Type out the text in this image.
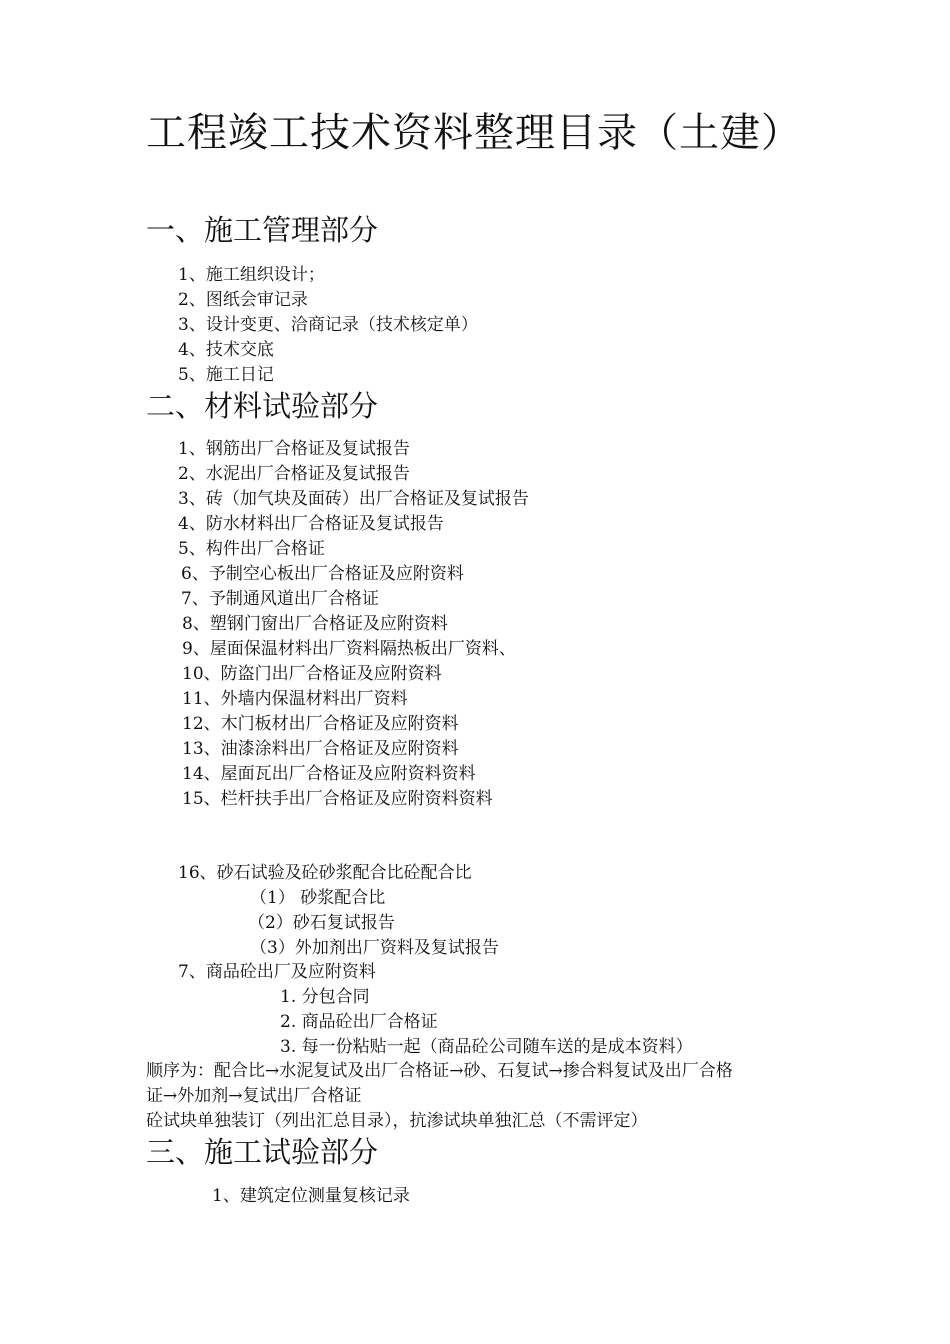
工程竣工技术资料整理目录（土建）
一、施工管理部分
1、施工组织设计；
2、图纸会审记录
3、设计变更、洽商记录（技术核定单）
4、技术交底
5、施工日记
二、材料试验部分
1、钢筋出厂合格证及复试报告
2、水泥出厂合格证及复试报告
3、砖（加气块及面砖）出厂合格证及复试报告
4、防水材料出厂合格证及复试报告
5、构件出厂合格证
6、予制空心板出厂合格证及应附资料
7、予制通风道出厂合格证
8、塑钢门窗出厂合格证及应附资料
9、屋面保温材料出厂资料隔热板出厂资料、
10、防盗门出厂合格证及应附资料
11、外墙内保温材料出厂资料
12、木门板材出厂合格证及应附资料
13、油漆涂料出厂合格证及应附资料
14、屋面瓦出厂合格证及应附资料资料
15、栏杆扶手出厂合格证及应附资料资料
16、砂石试验及砼砂浆配合比砼配合比
（1） 砂浆配合比
（2）砂石复试报告
（3）外加剂出厂资料及复试报告
7、商品砼出厂及应附资料
1. 分包合同
2. 商品砼出厂合格证
3. 每一份粘贴一起（商品砼公司随车送的是成本资料）
顺序为：配合比→水泥复试及出厂合格证→砂、石复试→掺合料复试及出厂合格
证→外加剂→复试出厂合格证
砼试块单独装订（列出汇总目录），抗渗试块单独汇总（不需评定）
三、施工试验部分
1、建筑定位测量复核记录
